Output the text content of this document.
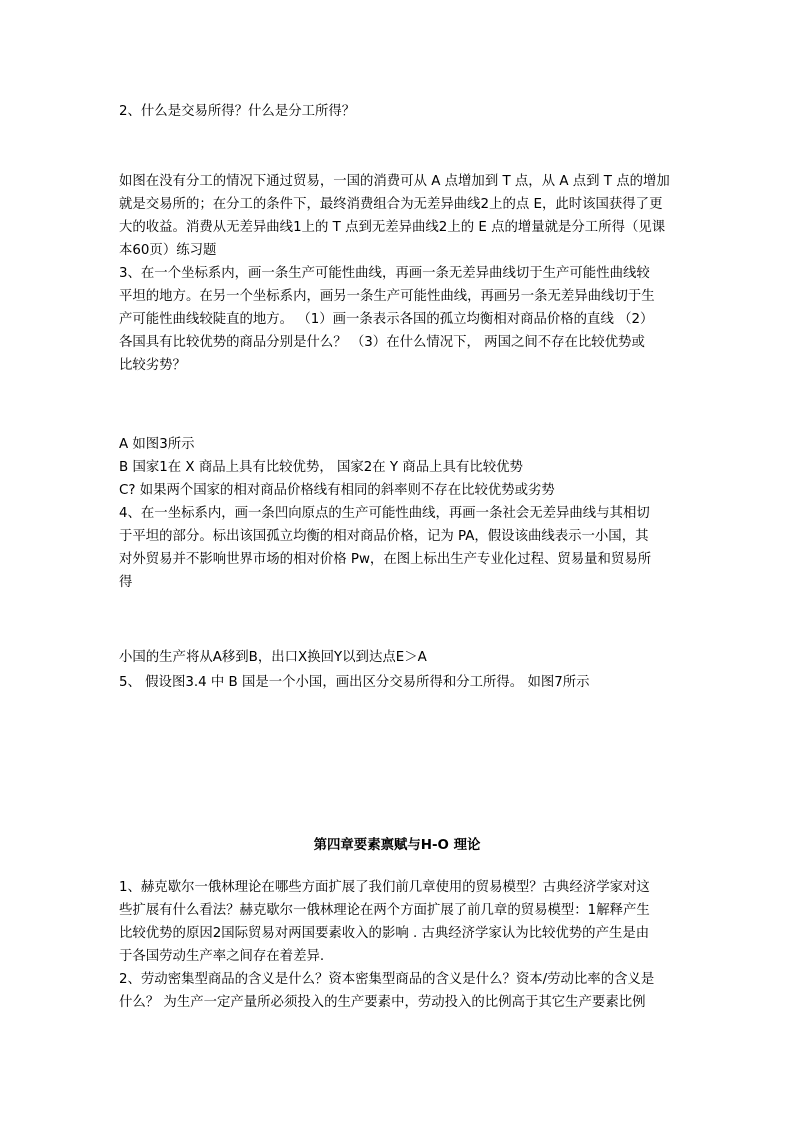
2、什么是交易所得？什么是分工所得？
如图在没有分工的情况下通过贸易，一国的消费可从 A 点增加到 T 点，从 A 点到 T 点的增加
就是交易所的；在分工的条件下，最终消费组合为无差异曲线2上的点 E，此时该国获得了更
大的收益。消费从无差异曲线1上的 T 点到无差异曲线2上的 E 点的增量就是分工所得（见课
本60页）练习题
3、在一个坐标系内，画一条生产可能性曲线，再画一条无差异曲线切于生产可能性曲线较
平坦的地方。在另一个坐标系内，画另一条生产可能性曲线，再画另一条无差异曲线切于生
产可能性曲线较陡直的地方。 （1）画一条表示各国的孤立均衡相对商品价格的直线 （2）
各国具有比较优势的商品分别是什么？ （3）在什么情况下， 两国之间不存在比较优势或
比较劣势？
A 如图3所示
B 国家1在 X 商品上具有比较优势， 国家2在 Y 商品上具有比较优势
C? 如果两个国家的相对商品价格线有相同的斜率则不存在比较优势或劣势
4、在一坐标系内，画一条凹向原点的生产可能性曲线，再画一条社会无差异曲线与其相切
于平坦的部分。标出该国孤立均衡的相对商品价格，记为 PA，假设该曲线表示一小国，其
对外贸易并不影响世界市场的相对价格 Pw，在图上标出生产专业化过程、贸易量和贸易所
得
小国的生产将从A移到B，出口X换回Y以到达点E＞A
5、 假设图3.4 中 B 国是一个小国，画出区分交易所得和分工所得。 如图7所示
第四章要素禀赋与H-O 理论
1、赫克歇尔一俄林理论在哪些方面扩展了我们前几章使用的贸易模型？古典经济学家对这
些扩展有什么看法？赫克歇尔一俄林理论在两个方面扩展了前几章的贸易模型：1解释产生
比较优势的原因2国际贸易对两国要素收入的影响 . 古典经济学家认为比较优势的产生是由
于各国劳动生产率之间存在着差异.
2、劳动密集型商品的含义是什么？资本密集型商品的含义是什么？资本/劳动比率的含义是
什么？ 为生产一定产量所必须投入的生产要素中，劳动投入的比例高于其它生产要素比例
